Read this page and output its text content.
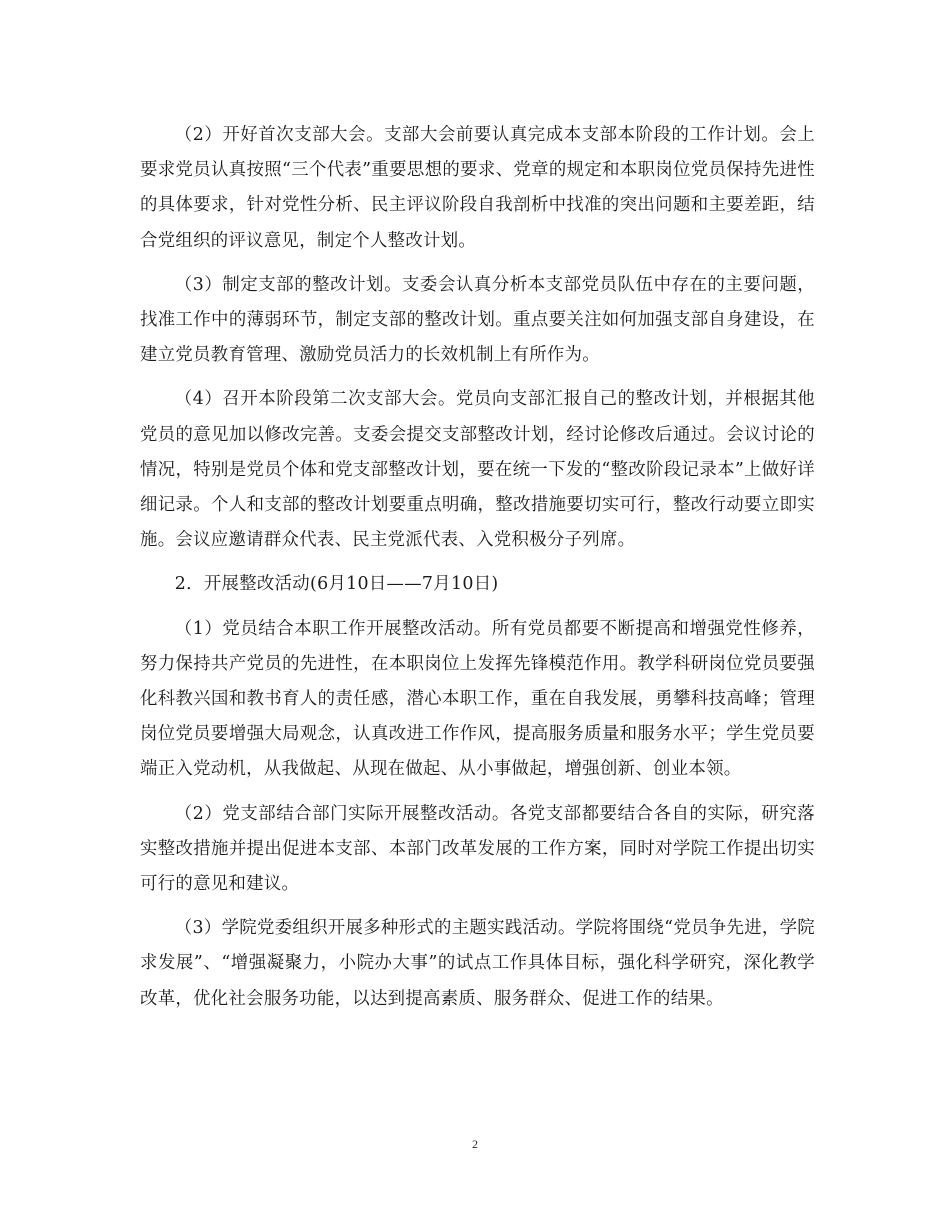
（2）开好首次支部大会。支部大会前要认真完成本支部本阶段的工作计划。会上要求党员认真按照“三个代表”重要思想的要求、党章的规定和本职岗位党员保持先进性的具体要求，针对党性分析、民主评议阶段自我剖析中找准的突出问题和主要差距，结合党组织的评议意见，制定个人整改计划。

（3）制定支部的整改计划。支委会认真分析本支部党员队伍中存在的主要问题，找准工作中的薄弱环节，制定支部的整改计划。重点要关注如何加强支部自身建设，在建立党员教育管理、激励党员活力的长效机制上有所作为。

（4）召开本阶段第二次支部大会。党员向支部汇报自己的整改计划，并根据其他党员的意见加以修改完善。支委会提交支部整改计划，经讨论修改后通过。会议讨论的情况，特别是党员个体和党支部整改计划，要在统一下发的“整改阶段记录本”上做好详细记录。个人和支部的整改计划要重点明确，整改措施要切实可行，整改行动要立即实施。会议应邀请群众代表、民主党派代表、入党积极分子列席。

2．开展整改活动(6月10日——7月10日)

（1）党员结合本职工作开展整改活动。所有党员都要不断提高和增强党性修养，努力保持共产党员的先进性，在本职岗位上发挥先锋模范作用。教学科研岗位党员要强化科教兴国和教书育人的责任感，潜心本职工作，重在自我发展，勇攀科技高峰；管理岗位党员要增强大局观念，认真改进工作作风，提高服务质量和服务水平；学生党员要端正入党动机，从我做起、从现在做起、从小事做起，增强创新、创业本领。

（2）党支部结合部门实际开展整改活动。各党支部都要结合各自的实际，研究落实整改措施并提出促进本支部、本部门改革发展的工作方案，同时对学院工作提出切实可行的意见和建议。

（3）学院党委组织开展多种形式的主题实践活动。学院将围绕“党员争先进，学院求发展”、“增强凝聚力，小院办大事”的试点工作具体目标，强化科学研究，深化教学改革，优化社会服务功能，以达到提高素质、服务群众、促进工作的结果。

2
